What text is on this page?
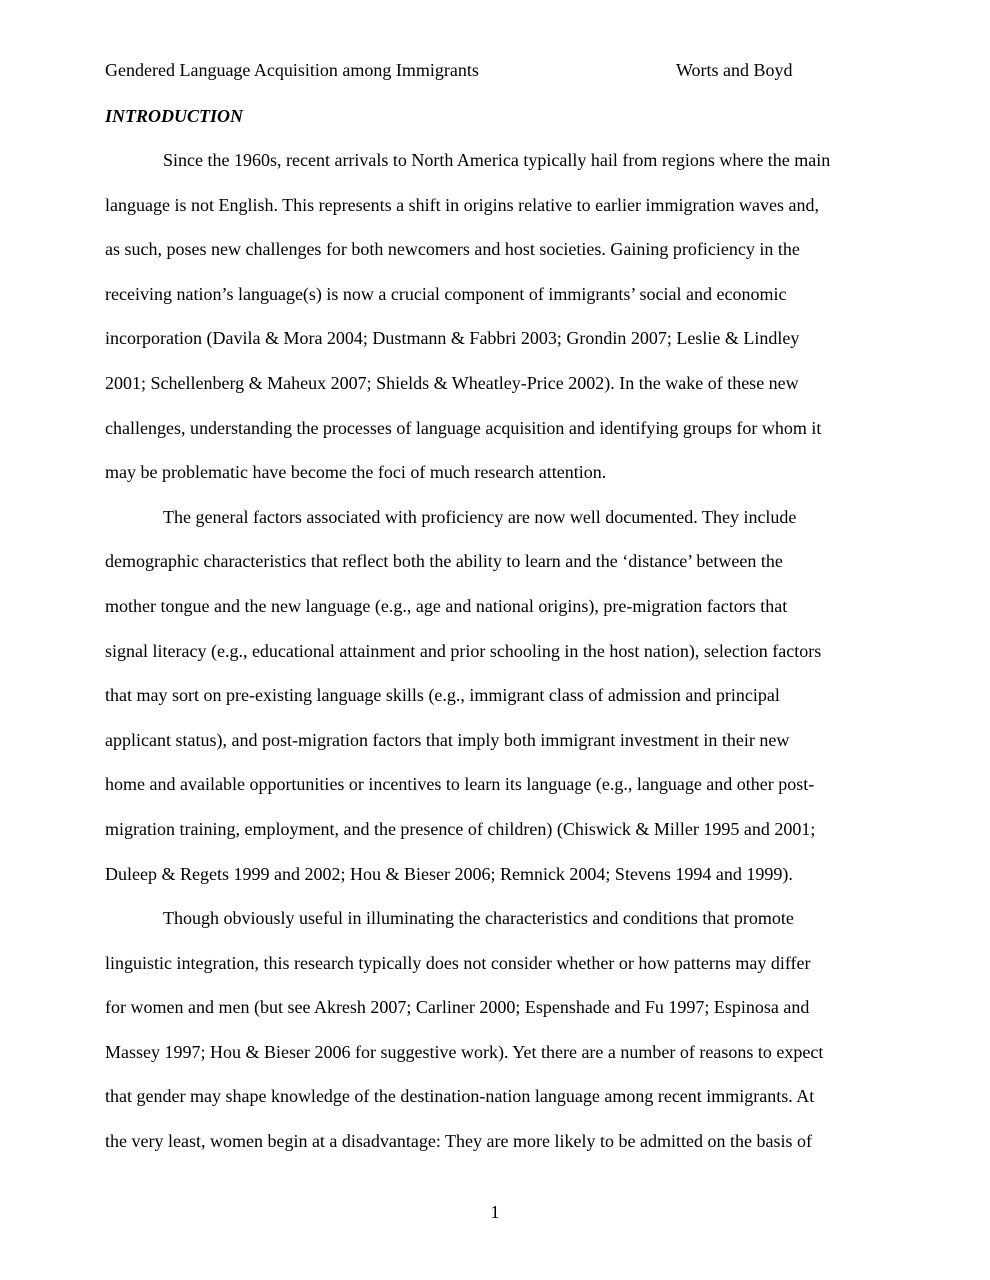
Gendered Language Acquisition among Immigrants	Worts and Boyd
INTRODUCTION
Since the 1960s, recent arrivals to North America typically hail from regions where the main
language is not English. This represents a shift in origins relative to earlier immigration waves and,
as such, poses new challenges for both newcomers and host societies. Gaining proficiency in the
receiving nation’s language(s) is now a crucial component of immigrants’ social and economic
incorporation (Davila & Mora 2004; Dustmann & Fabbri 2003; Grondin 2007; Leslie & Lindley
2001; Schellenberg & Maheux 2007; Shields & Wheatley-Price 2002). In the wake of these new
challenges, understanding the processes of language acquisition and identifying groups for whom it
may be problematic have become the foci of much research attention.
The general factors associated with proficiency are now well documented. They include
demographic characteristics that reflect both the ability to learn and the ‘distance’ between the
mother tongue and the new language (e.g., age and national origins), pre-migration factors that
signal literacy (e.g., educational attainment and prior schooling in the host nation), selection factors
that may sort on pre-existing language skills (e.g., immigrant class of admission and principal
applicant status), and post-migration factors that imply both immigrant investment in their new
home and available opportunities or incentives to learn its language (e.g., language and other post-
migration training, employment, and the presence of children) (Chiswick & Miller 1995 and 2001;
Duleep & Regets 1999 and 2002; Hou & Bieser 2006; Remnick 2004; Stevens 1994 and 1999).
Though obviously useful in illuminating the characteristics and conditions that promote
linguistic integration, this research typically does not consider whether or how patterns may differ
for women and men (but see Akresh 2007; Carliner 2000; Espenshade and Fu 1997; Espinosa and
Massey 1997; Hou & Bieser 2006 for suggestive work). Yet there are a number of reasons to expect
that gender may shape knowledge of the destination-nation language among recent immigrants. At
the very least, women begin at a disadvantage: They are more likely to be admitted on the basis of
1
